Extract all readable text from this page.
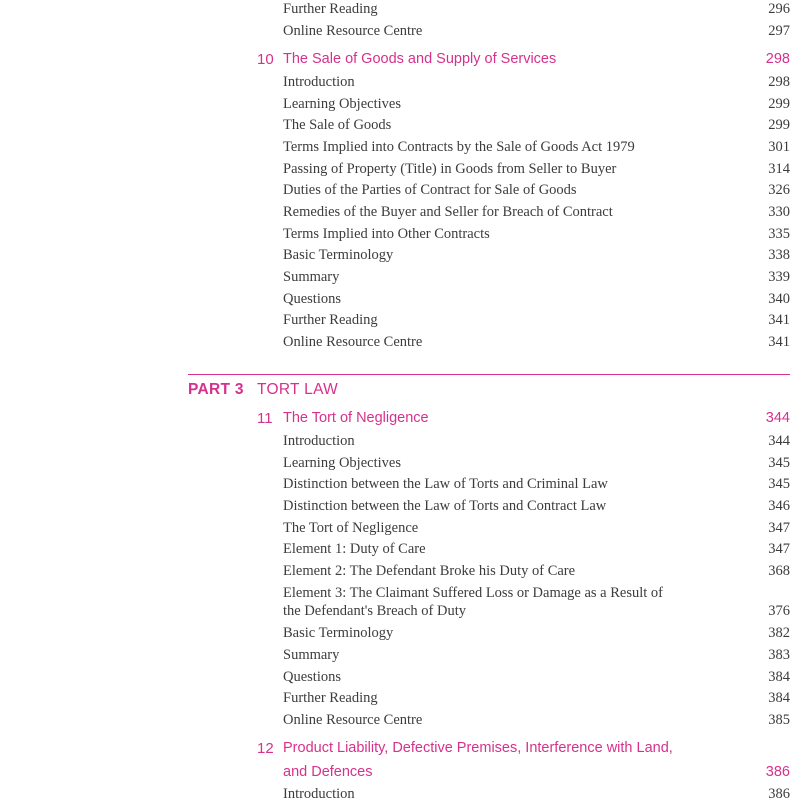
Further Reading	296
Online Resource Centre	297
10 The Sale of Goods and Supply of Services	298
Introduction	298
Learning Objectives	299
The Sale of Goods	299
Terms Implied into Contracts by the Sale of Goods Act 1979	301
Passing of Property (Title) in Goods from Seller to Buyer	314
Duties of the Parties of Contract for Sale of Goods	326
Remedies of the Buyer and Seller for Breach of Contract	330
Terms Implied into Other Contracts	335
Basic Terminology	338
Summary	339
Questions	340
Further Reading	341
Online Resource Centre	341
PART 3 TORT LAW
11 The Tort of Negligence	344
Introduction	344
Learning Objectives	345
Distinction between the Law of Torts and Criminal Law	345
Distinction between the Law of Torts and Contract Law	346
The Tort of Negligence	347
Element 1: Duty of Care	347
Element 2: The Defendant Broke his Duty of Care	368
Element 3: The Claimant Suffered Loss or Damage as a Result of
the Defendant's Breach of Duty	376
Basic Terminology	382
Summary	383
Questions	384
Further Reading	384
Online Resource Centre	385
12 Product Liability, Defective Premises, Interference with Land,
and Defences	386
Introduction	386
